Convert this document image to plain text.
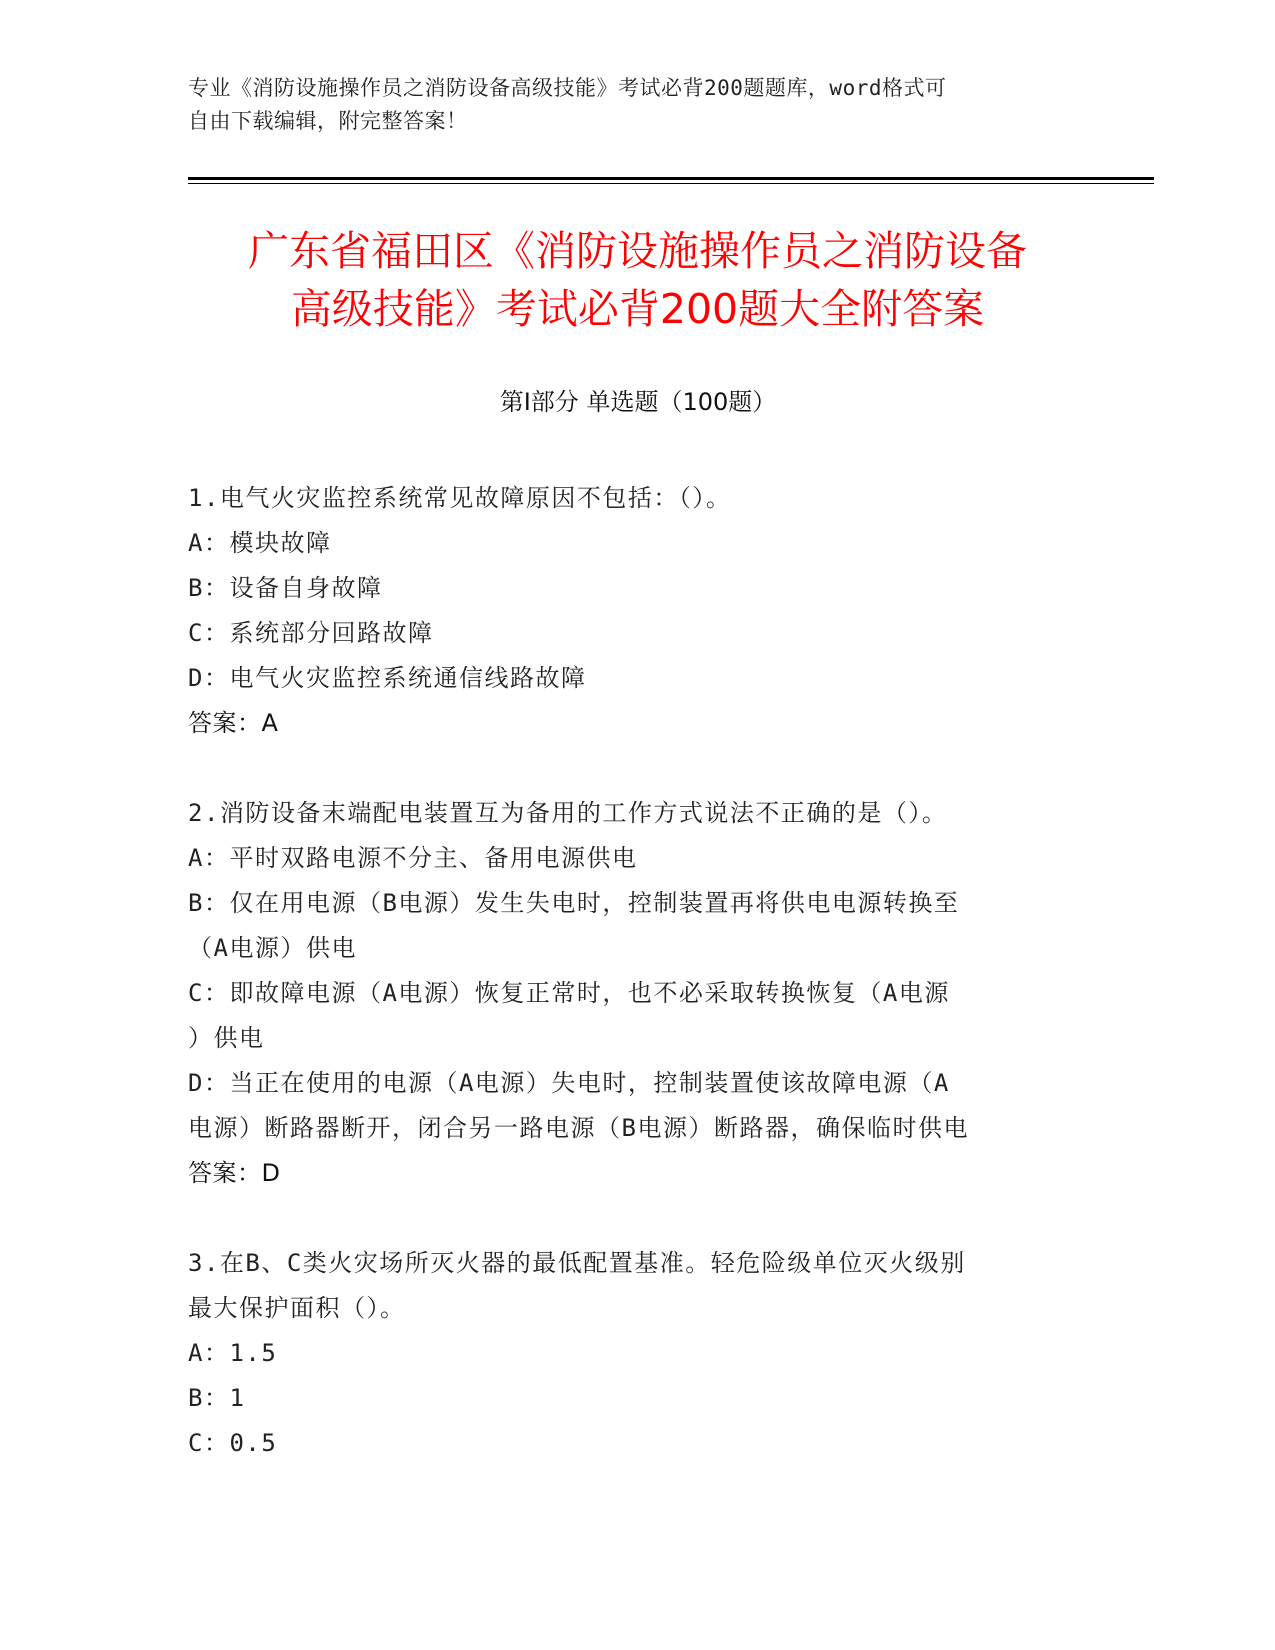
专业《消防设施操作员之消防设备高级技能》考试必背200题题库，word格式可
自由下载编辑，附完整答案！
广东省福田区《消防设施操作员之消防设备
高级技能》考试必背200题大全附答案
第Ⅰ部分 单选题（100题）
1.电气火灾监控系统常见故障原因不包括：（）。
A：模块故障
B：设备自身故障
C：系统部分回路故障
D：电气火灾监控系统通信线路故障
答案：A
2.消防设备末端配电装置互为备用的工作方式说法不正确的是（）。
A：平时双路电源不分主、备用电源供电
B：仅在用电源（B电源）发生失电时，控制装置再将供电电源转换至
（A电源）供电
C：即故障电源（A电源）恢复正常时，也不必采取转换恢复（A电源
）供电
D：当正在使用的电源（A电源）失电时，控制装置使该故障电源（A
电源）断路器断开，闭合另一路电源（B电源）断路器，确保临时供电
答案：D
3.在B、C类火灾场所灭火器的最低配置基准。轻危险级单位灭火级别
最大保护面积（）。
A：1.5
B：1
C：0.5
